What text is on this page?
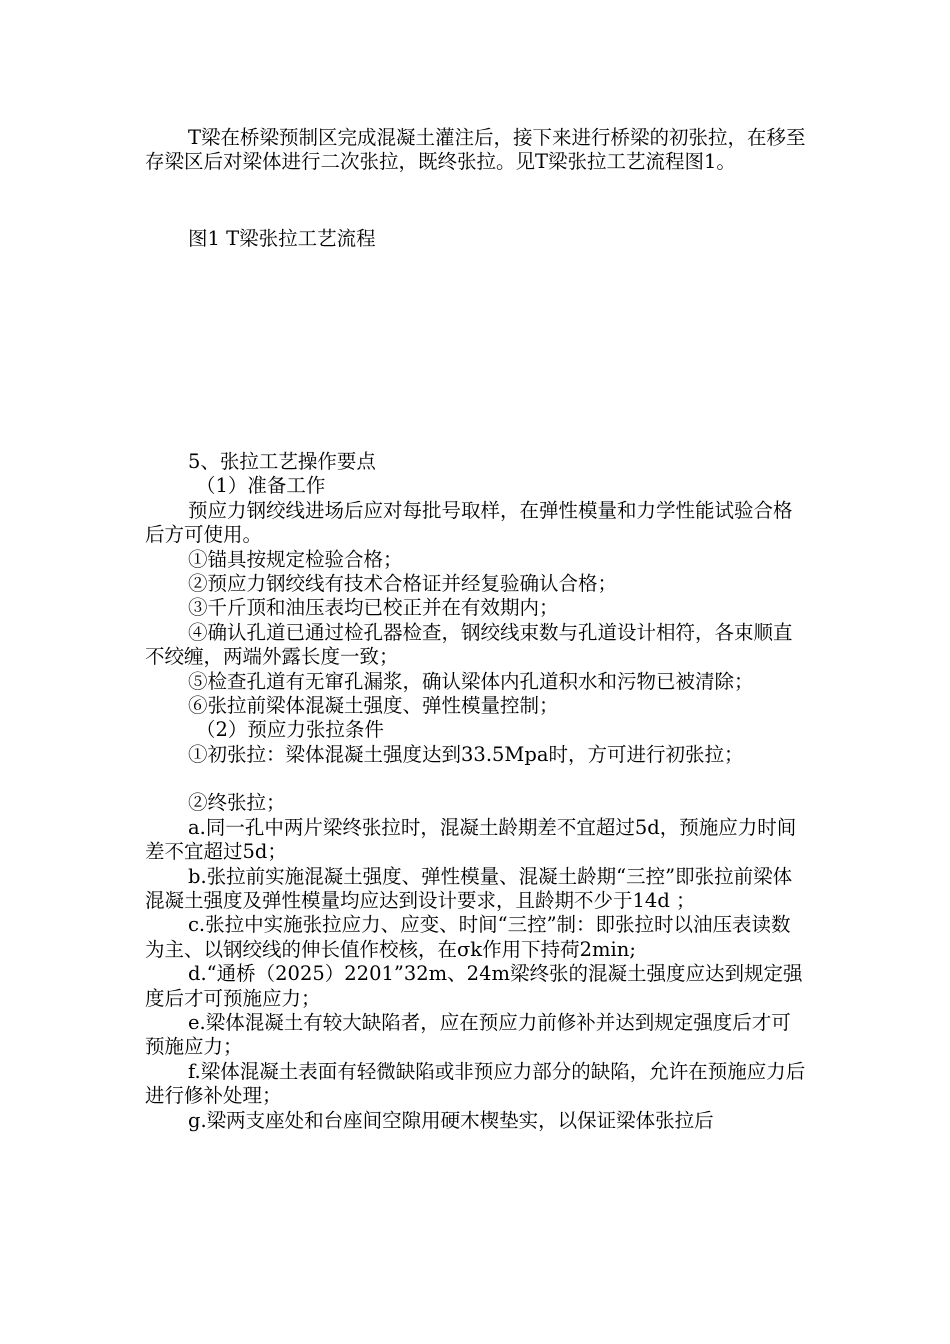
T梁在桥梁预制区完成混凝土灌注后，接下来进行桥梁的初张拉，在移至存梁区后对梁体进行二次张拉，既终张拉。见T梁张拉工艺流程图1。

图1 T梁张拉工艺流程

5、张拉工艺操作要点

（1）准备工作

预应力钢绞线进场后应对每批号取样，在弹性模量和力学性能试验合格后方可使用。

①锚具按规定检验合格；

②预应力钢绞线有技术合格证并经复验确认合格；

③千斤顶和油压表均已校正并在有效期内；

④确认孔道已通过检孔器检查，钢绞线束数与孔道设计相符，各束顺直不绞缠，两端外露长度一致；

⑤检查孔道有无窜孔漏浆，确认梁体内孔道积水和污物已被清除；

⑥张拉前梁体混凝土强度、弹性模量控制；

（2）预应力张拉条件

①初张拉：梁体混凝土强度达到33.5Mpa时，方可进行初张拉；

②终张拉；

a.同一孔中两片梁终张拉时，混凝土龄期差不宜超过5d，预施应力时间差不宜超过5d；

b.张拉前实施混凝土强度、弹性模量、混凝土龄期“三控”即张拉前梁体混凝土强度及弹性模量均应达到设计要求，且龄期不少于14d ；

c.张拉中实施张拉应力、应变、时间“三控”制：即张拉时以油压表读数为主、以钢绞线的伸长值作校核，在σk作用下持荷2min;

d.“通桥（2025）2201”32m、24m梁终张的混凝土强度应达到规定强度后才可预施应力；

e.梁体混凝土有较大缺陷者，应在预应力前修补并达到规定强度后才可预施应力；

f.梁体混凝土表面有轻微缺陷或非预应力部分的缺陷，允许在预施应力后进行修补处理；

g.梁两支座处和台座间空隙用硬木楔垫实，以保证梁体张拉后
